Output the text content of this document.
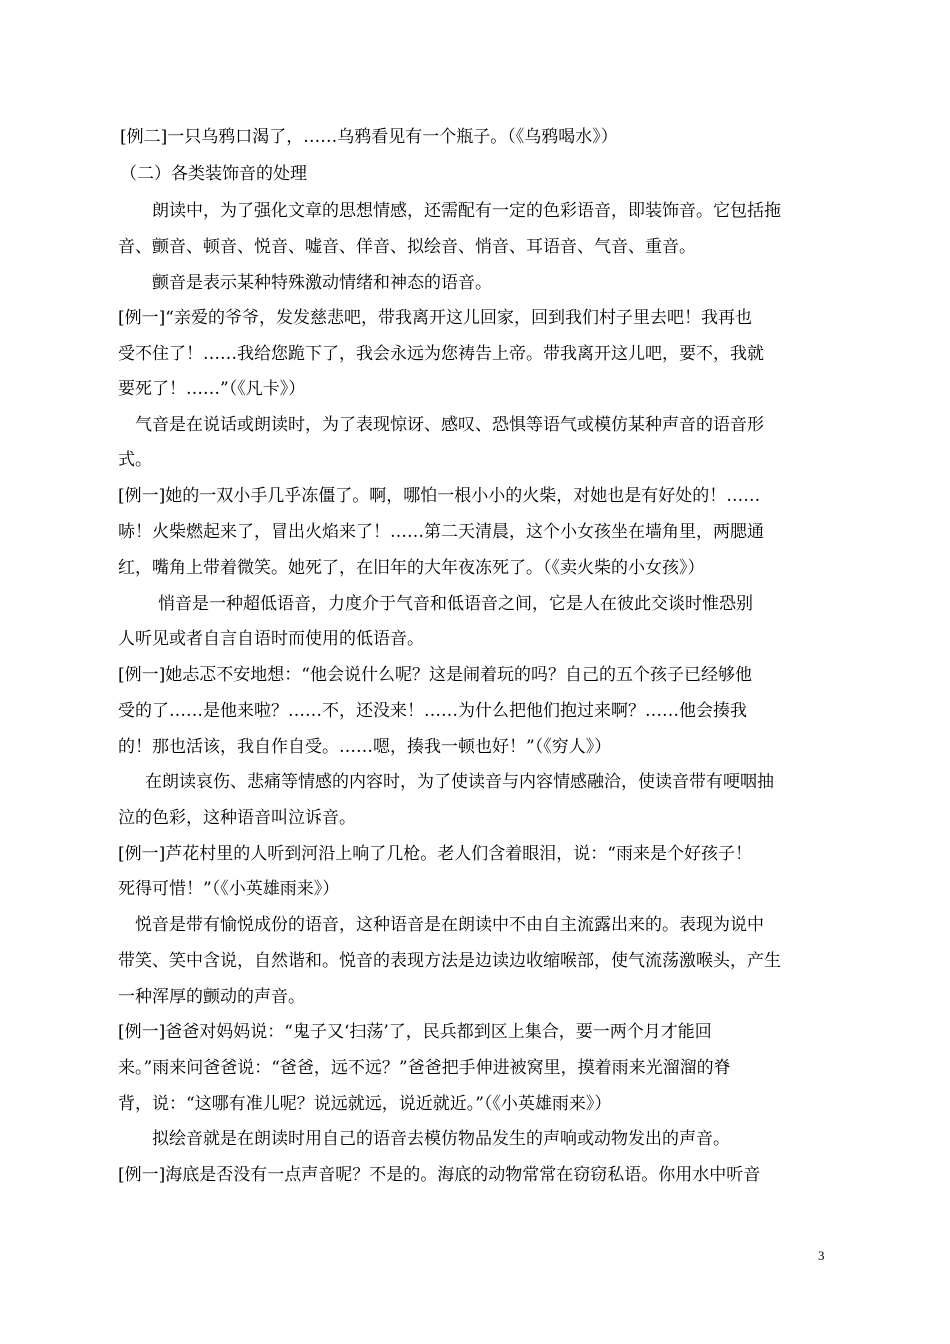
[例二]一只乌鸦口渴了，……乌鸦看见有一个瓶子。（《乌鸦喝水》）
（二）各类装饰音的处理
朗读中，为了强化文章的思想情感，还需配有一定的色彩语音，即装饰音。它包括拖
音、颤音、顿音、悦音、嘘音、佯音、拟绘音、悄音、耳语音、气音、重音。
颤音是表示某种特殊激动情绪和神态的语音。
[例一]“亲爱的爷爷，发发慈悲吧，带我离开这儿回家，回到我们村子里去吧！我再也
受不住了！……我给您跪下了，我会永远为您祷告上帝。带我离开这儿吧，要不，我就
要死了！……”（《凡卡》）
气音是在说话或朗读时，为了表现惊讶、感叹、恐惧等语气或模仿某种声音的语音形
式。
[例一]她的一双小手几乎冻僵了。啊，哪怕一根小小的火柴，对她也是有好处的！……
哧！火柴燃起来了，冒出火焰来了！……第二天清晨，这个小女孩坐在墙角里，两腮通
红，嘴角上带着微笑。她死了，在旧年的大年夜冻死了。（《卖火柴的小女孩》）
悄音是一种超低语音，力度介于气音和低语音之间，它是人在彼此交谈时惟恐别
人听见或者自言自语时而使用的低语音。
[例一]她忐忑不安地想：“他会说什么呢？这是闹着玩的吗？自己的五个孩子已经够他
受的了……是他来啦？……不，还没来！……为什么把他们抱过来啊？……他会揍我
的！那也活该，我自作自受。……嗯，揍我一顿也好！”（《穷人》）
在朗读哀伤、悲痛等情感的内容时，为了使读音与内容情感融洽，使读音带有哽咽抽
泣的色彩，这种语音叫泣诉音。
[例一]芦花村里的人听到河沿上响了几枪。老人们含着眼泪，说：“雨来是个好孩子！
死得可惜！”（《小英雄雨来》）
悦音是带有愉悦成份的语音，这种语音是在朗读中不由自主流露出来的。表现为说中
带笑、笑中含说，自然谐和。悦音的表现方法是边读边收缩喉部，使气流荡激喉头，产生
一种浑厚的颤动的声音。
[例一]爸爸对妈妈说：“鬼子又‘扫荡’了，民兵都到区上集合，要一两个月才能回
来。”雨来问爸爸说：“爸爸，远不远？”爸爸把手伸进被窝里，摸着雨来光溜溜的脊
背，说：“这哪有准儿呢？说远就远，说近就近。”（《小英雄雨来》）
拟绘音就是在朗读时用自己的语音去模仿物品发生的声响或动物发出的声音。
[例一]海底是否没有一点声音呢？不是的。海底的动物常常在窃窃私语。你用水中听音
3
